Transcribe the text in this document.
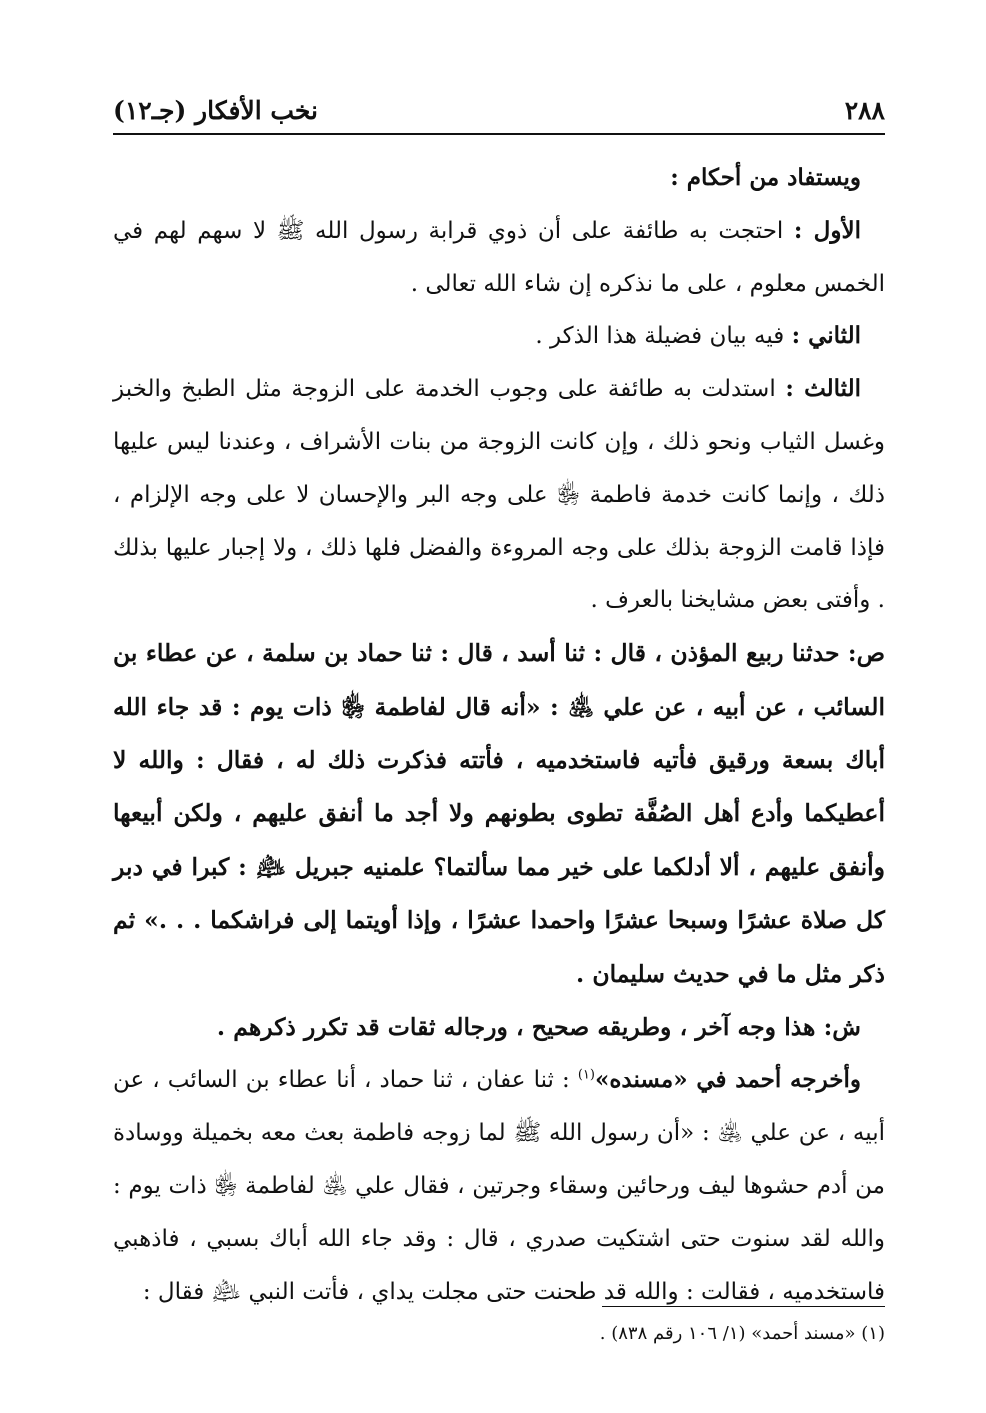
٢٨٨
نخب الأفكار (جـ١٢)

ويستفاد من أحكام :

الأول : احتجت به طائفة على أن ذوي قرابة رسول الله ﷺ لا سهم لهم في الخمس معلوم ، على ما نذكره إن شاء الله تعالى .

الثاني : فيه بيان فضيلة هذا الذكر .

الثالث : استدلت به طائفة على وجوب الخدمة على الزوجة مثل الطبخ والخبز وغسل الثياب ونحو ذلك ، وإن كانت الزوجة من بنات الأشراف ، وعندنا ليس عليها ذلك ، وإنما كانت خدمة فاطمة ﵂ على وجه البر والإحسان لا على وجه الإلزام ، فإذا قامت الزوجة بذلك على وجه المروءة والفضل فلها ذلك ، ولا إجبار عليها بذلك . وأفتى بعض مشايخنا بالعرف .

ص: حدثنا ربيع المؤذن ، قال : ثنا أسد ، قال : ثنا حماد بن سلمة ، عن عطاء بن السائب ، عن أبيه ، عن علي ﵁ : «أنه قال لفاطمة ﵂ ذات يوم : قد جاء الله أباك بسعة ورقيق فأتيه فاستخدميه ، فأتته فذكرت ذلك له ، فقال : والله لا أعطيكما وأدع أهل الصُفَّة تطوى بطونهم ولا أجد ما أنفق عليهم ، ولكن أبيعها وأنفق عليهم ، ألا أدلكما على خير مما سألتما؟ علمنيه جبريل ﵇ : كبرا في دبر كل صلاة عشرًا وسبحا عشرًا واحمدا عشرًا ، وإذا أويتما إلى فراشكما . . .» ثم ذكر مثل ما في حديث سليمان .

ش: هذا وجه آخر ، وطريقه صحيح ، ورجاله ثقات قد تكرر ذكرهم .

وأخرجه أحمد في «مسنده»$^{(١)}$ : ثنا عفان ، ثنا حماد ، أنا عطاء بن السائب ، عن أبيه ، عن علي ﵁ : «أن رسول الله ﷺ لما زوجه فاطمة بعث معه بخميلة ووسادة من أدم حشوها ليف ورحائين وسقاء وجرتين ، فقال علي ﵁ لفاطمة ﵂ ذات يوم : والله لقد سنوت حتى اشتكيت صدري ، قال : وقد جاء الله أباك بسبي ، فاذهبي فاستخدميه ، فقالت : والله قد طحنت حتى مجلت يداي ، فأتت النبي ﵇ فقال :

(١) «مسند أحمد» (١/ ١٠٦ رقم ٨٣٨) .
